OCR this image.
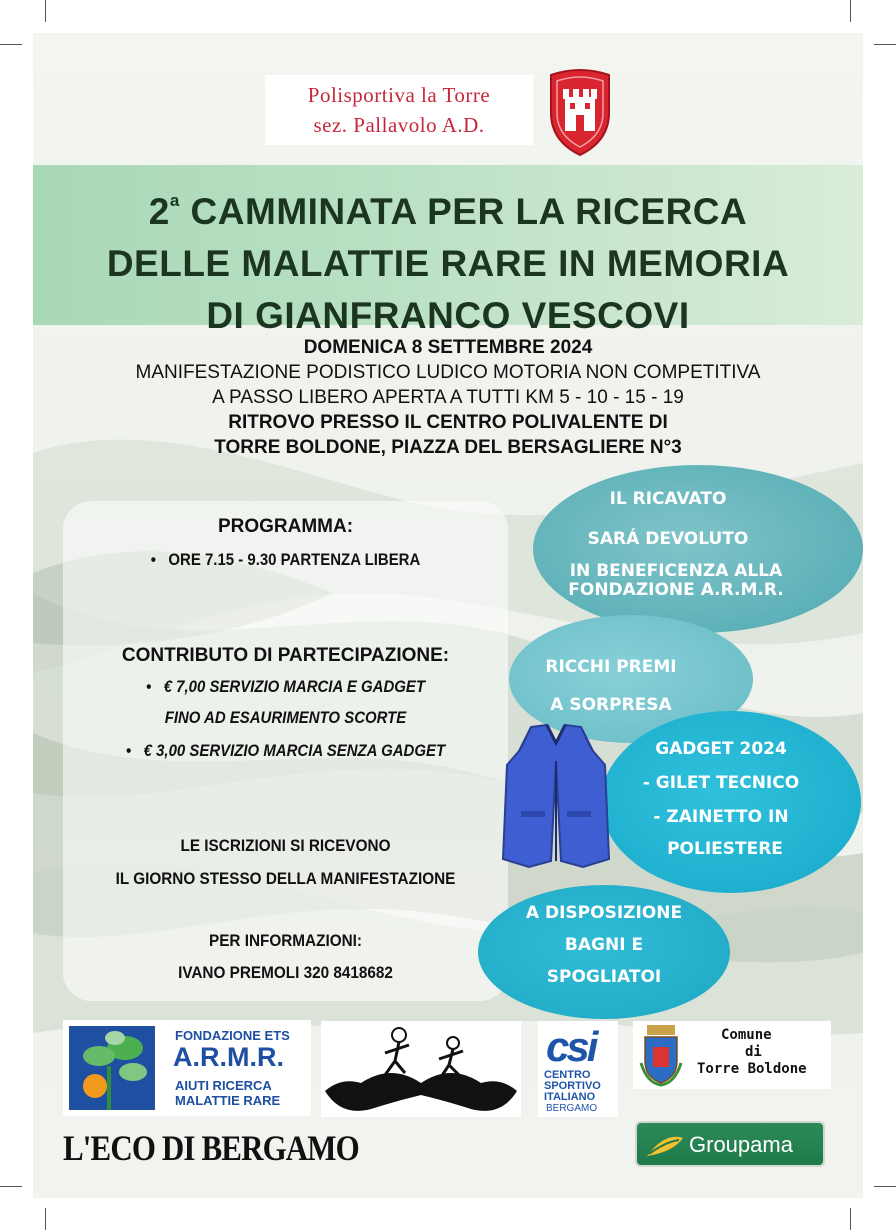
Polisportiva la Torre
sez. Pallavolo A.D.
2$^a$ CAMMINATA PER LA RICERCA
DELLE MALATTIE RARE IN MEMORIA
DI GIANFRANCO VESCOVI
DOMENICA 8 SETTEMBRE 2024
MANIFESTAZIONE PODISTICO LUDICO MOTORIA NON COMPETITIVA
A PASSO LIBERO APERTA A TUTTI KM 5 - 10 - 15 - 19
RITROVO PRESSO IL CENTRO POLIVALENTE DI
TORRE BOLDONE, PIAZZA DEL BERSAGLIERE N°3
PROGRAMMA:
•   ORE 7.15 - 9.30 PARTENZA LIBERA
CONTRIBUTO DI PARTECIPAZIONE:
•   € 7,00 SERVIZIO MARCIA E GADGET
FINO AD ESAURIMENTO SCORTE
•   € 3,00 SERVIZIO MARCIA SENZA GADGET
LE ISCRIZIONI SI RICEVONO
IL GIORNO STESSO DELLA MANIFESTAZIONE
PER INFORMAZIONI:
IVANO PREMOLI 320 8418682
IL RICAVATO
SARÁ DEVOLUTO
IN BENEFICENZA ALLA
FONDAZIONE A.R.M.R.
RICCHI PREMI
A SORPRESA
GADGET 2024
- GILET TECNICO
- ZAINETTO IN
POLIESTERE
A DISPOSIZIONE
BAGNI E
SPOGLIATOI
FONDAZIONE ETS
A.R.M.R.
AIUTI RICERCA
MALATTIE RARE
csi
CENTRO
SPORTIVO
ITALIANO
BERGAMO
Comune
di
Torre Boldone
L'ECO DI BERGAMO	Groupama
